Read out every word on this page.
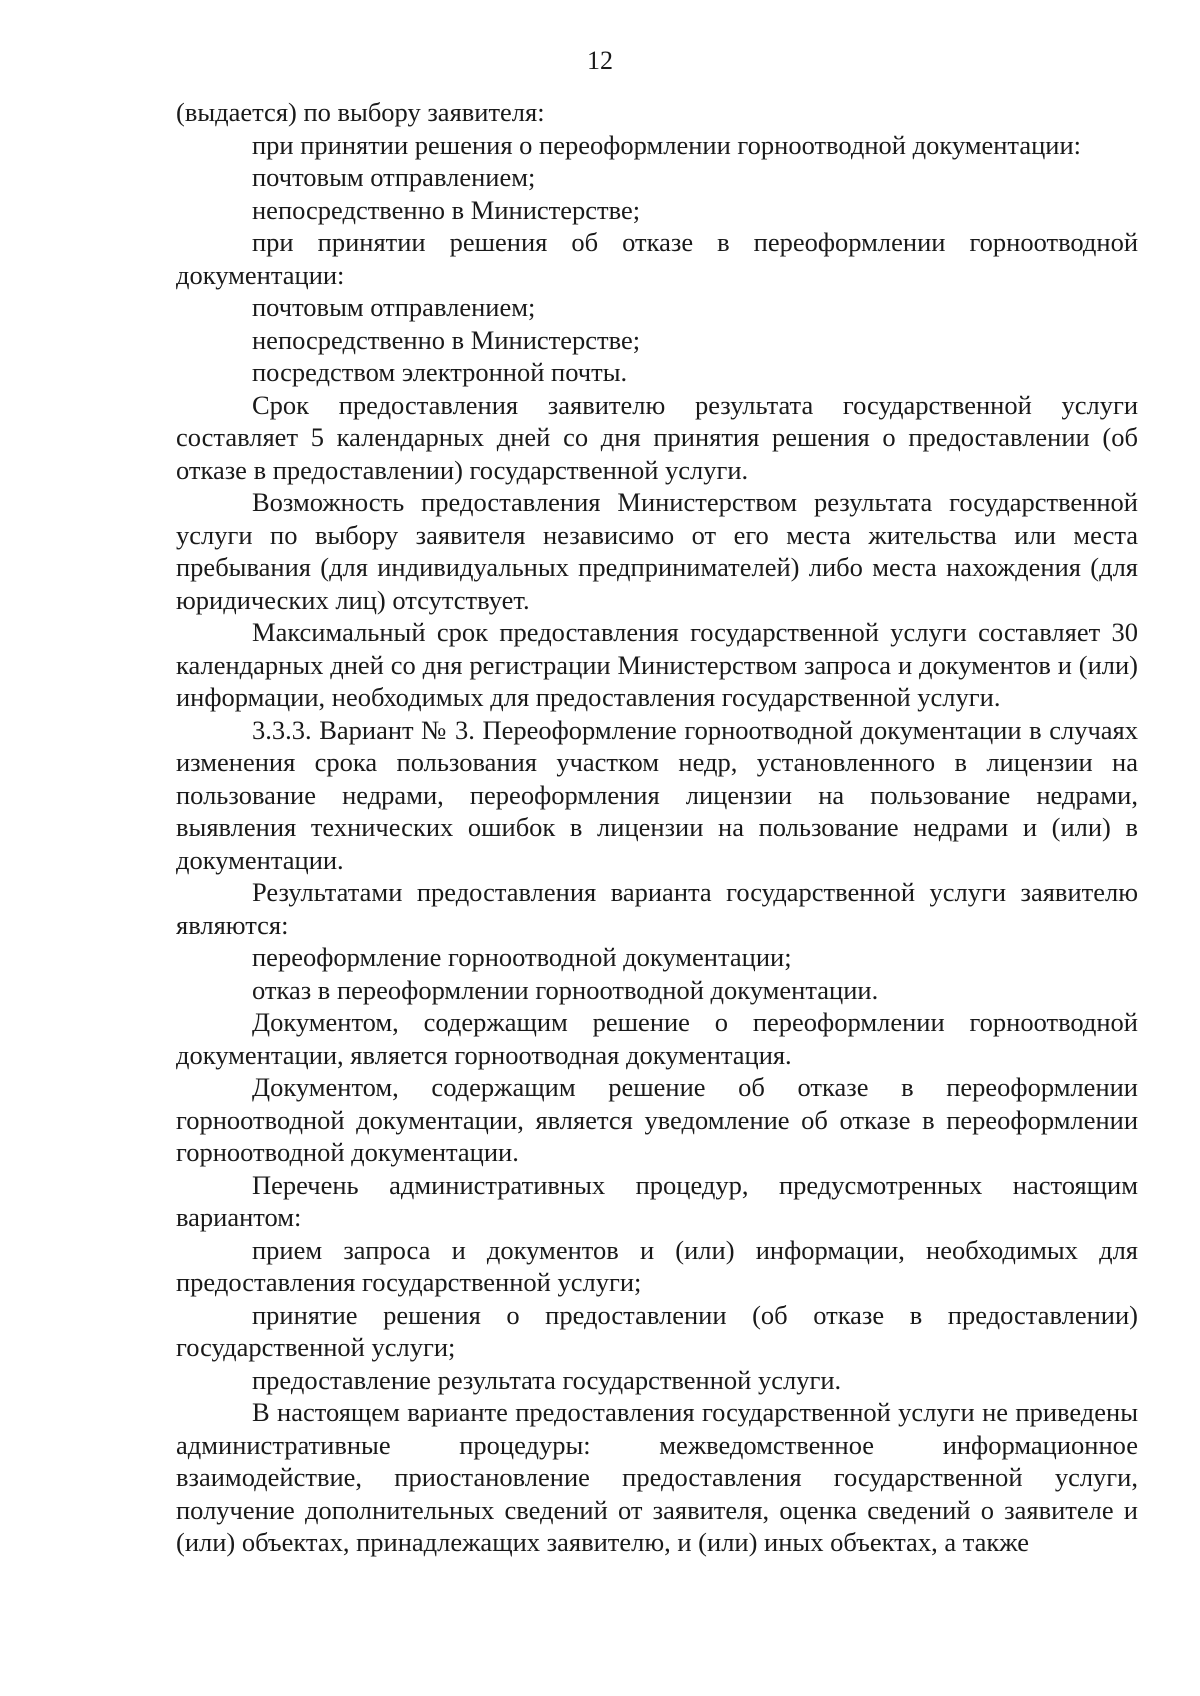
12

(выдается) по выбору заявителя:

при принятии решения о переоформлении горноотводной документации:

почтовым отправлением;

непосредственно в Министерстве;

при принятии решения об отказе в переоформлении горноотводной документации:

почтовым отправлением;

непосредственно в Министерстве;

посредством электронной почты.

Срок предоставления заявителю результата государственной услуги составляет 5 календарных дней со дня принятия решения о предоставлении (об отказе в предоставлении) государственной услуги.

Возможность предоставления Министерством результата государственной услуги по выбору заявителя независимо от его места жительства или места пребывания (для индивидуальных предпринимателей) либо места нахождения (для юридических лиц) отсутствует.

Максимальный срок предоставления государственной услуги составляет 30 календарных дней со дня регистрации Министерством запроса и документов и (или) информации, необходимых для предоставления государственной услуги.

3.3.3. Вариант № 3. Переоформление горноотводной документации в случаях изменения срока пользования участком недр, установленного в лицензии на пользование недрами, переоформления лицензии на пользование недрами, выявления технических ошибок в лицензии на пользование недрами и (или) в документации.

Результатами предоставления варианта государственной услуги заявителю являются:

переоформление горноотводной документации;

отказ в переоформлении горноотводной документации.

Документом, содержащим решение о переоформлении горноотводной документации, является горноотводная документация.

Документом, содержащим решение об отказе в переоформлении горноотводной документации, является уведомление об отказе в переоформлении горноотводной документации.

Перечень административных процедур, предусмотренных настоящим вариантом:

прием запроса и документов и (или) информации, необходимых для предоставления государственной услуги;

принятие решения о предоставлении (об отказе в предоставлении) государственной услуги;

предоставление результата государственной услуги.

В настоящем варианте предоставления государственной услуги не приведены административные процедуры: межведомственное информационное взаимодействие, приостановление предоставления государственной услуги, получение дополнительных сведений от заявителя, оценка сведений о заявителе и (или) объектах, принадлежащих заявителю, и (или) иных объектах, а также
